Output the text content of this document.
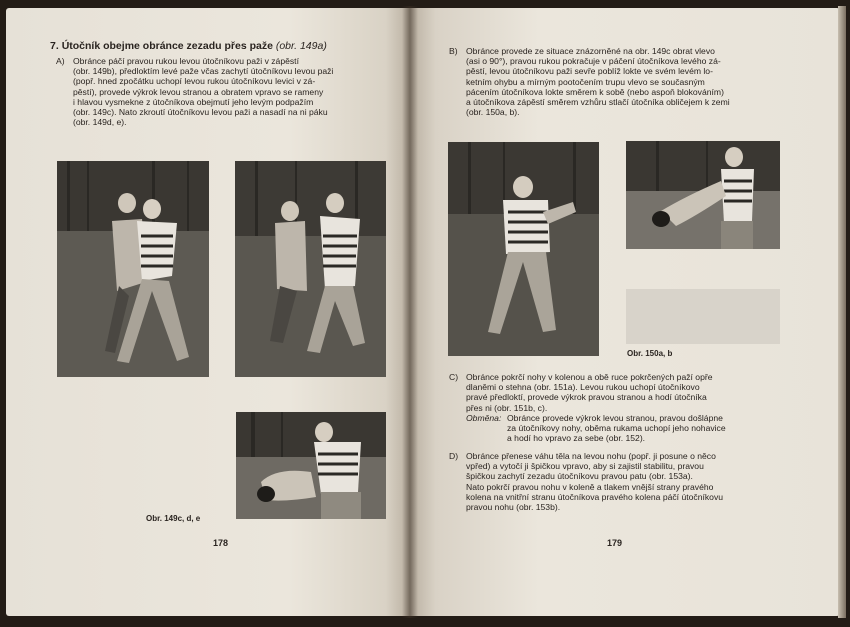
7. Útočník obejme obránce zezadu přes paže (obr. 149a)
A) Obránce páčí pravou rukou levou útočníkovu paži v zápěstí
(obr. 149b), předloktím levé paže včas zachytí útočníkovu levou paži
(popř. hned zpočátku uchopí levou rukou útočníkovu levici v zá-
pěstí), provede výkrok levou stranou a obratem vpravo se rameny
i hlavou vysmekne z útočníkova obejmutí jeho levým podpažím
(obr. 149c). Nato zkroutí útočníkovu levou paži a nasadí na ni páku
(obr. 149d, e).
Obr. 149c, d, e
178
B) Obránce provede ze situace znázorněné na obr. 149c obrat vlevo
(asi o 90°), pravou rukou pokračuje v páčení útočníkova levého zá-
pěstí, levou útočníkovu paži sevře poblíž lokte ve svém levém lo-
ketním ohybu a mírným pootočením trupu vlevo se současným
pácením útočníkova lokte směrem k sobě (nebo aspoň blokováním)
a útočníkova zápěstí směrem vzhůru stlačí útočníka obličejem k zemi
(obr. 150a, b).
Obr. 150a, b
C) Obránce pokrčí nohy v kolenou a obě ruce pokrčených paží opře
dlaněmi o stehna (obr. 151a). Levou rukou uchopí útočníkovo
pravé předloktí, provede výkrok pravou stranou a hodí útočníka
přes ni (obr. 151b, c).
Obměna: Obránce provede výkrok levou stranou, pravou došlápne
za útočníkovy nohy, oběma rukama uchopí jeho nohavice
a hodí ho vpravo za sebe (obr. 152).
D) Obránce přenese váhu těla na levou nohu (popř. ji posune o něco
vpřed) a vytočí ji špičkou vpravo, aby si zajistil stabilitu, pravou
špičkou zachytí zezadu útočníkovu pravou patu (obr. 153a).
Nato pokrčí pravou nohu v koleně a tlakem vnější strany pravého
kolena na vnitřní stranu útočníkova pravého kolena páčí útočníkovu
pravou nohu (obr. 153b).
179
